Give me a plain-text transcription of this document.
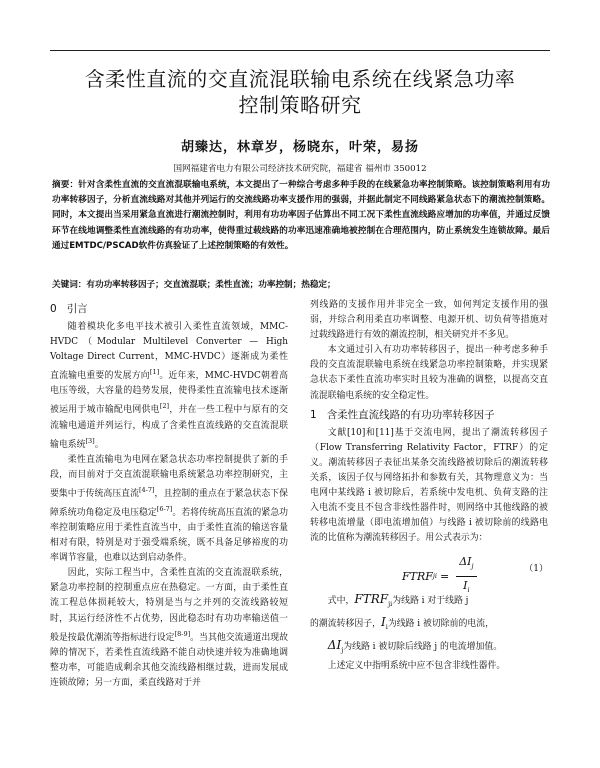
含柔性直流的交直流混联输电系统在线紧急功率
控制策略研究
胡臻达，林章岁，杨晓东，叶荣，易扬
国网福建省电力有限公司经济技术研究院，福建省 福州市 350012
摘要：针对含柔性直流的交直流混联输电系统，本文提出了一种综合考虑多种手段的在线紧急功率控制策略。该控制策略利用有功功率转移因子，分析直流线路对其他并列运行的交流线路功率支援作用的强弱，并据此制定不同线路紧急状态下的潮流控制策略。同时，本文提出当采用紧急直流进行潮流控制时，利用有功功率因子估算出不同工况下柔性直流线路应增加的功率值，并通过反馈环节在线地调整柔性直流线路的有功功率，使得重过载线路的功率迅速准确地被控制在合理范围内，防止系统发生连锁故障。最后通过EMTDC/PSCAD软件仿真验证了上述控制策略的有效性。
关键词：有功功率转移因子；交直流混联；柔性直流；功率控制；热稳定；

0 引言

随着模块化多电平技术被引入柔性直流领域，MMC-HVDC（Modular Multilevel Converter — High Voltage Direct Current，MMC-HVDC）逐渐成为柔性直流输电重要的发展方向[1]。近年来，MMC-HVDC朝着高电压等级，大容量的趋势发展，使得柔性直流输电技术逐渐被运用于城市输配电网供电[2]，并在一些工程中与原有的交流输电通道并列运行，构成了含柔性直流线路的交直流混联输电系统[3]。

柔性直流输电为电网在紧急状态功率控制提供了新的手段，而目前对于交直流混联输电系统紧急功率控制研究，主要集中于传统高压直流[4-7]，且控制的重点在于紧急状态下保障系统功角稳定及电压稳定[6-7]。若将传统高压直流的紧急功率控制策略应用于柔性直流当中，由于柔性直流的输送容量相对有限，特别是对于强受端系统，既不具备足够裕度的功率调节容量，也难以达到启动条件。

因此，实际工程当中，含柔性直流的交直流混联系统，紧急功率控制的控制重点应在热稳定。一方面，由于柔性直流工程总体损耗较大，特别是当与之并列的交流线路较短时，其运行经济性不占优势，因此稳态时有功功率输送值一般是按最优潮流等指标进行设定[8-9]。当其他交流通道出现故障的情况下，若柔性直流线路不能自动快速并较为准确地调整功率，可能造成剩余其他交流线路相继过载，进而发展成连锁故障；另一方面，柔直线路对于并

列线路的支援作用并非完全一致，如何判定支援作用的强弱，并综合利用柔直功率调整、电源开机、切负荷等措施对过载线路进行有效的潮流控制，相关研究并不多见。

本文通过引入有功功率转移因子，提出一种考虑多种手段的交直流混联输电系统在线紧急功率控制策略，并实现紧急状态下柔性直流功率实时且较为准确的调整，以提高交直流混联输电系统的安全稳定性。

1 含柔性直流线路的有功功率转移因子

文献[10]和[11]基于交流电网，提出了潮流转移因子（Flow Transferring Relativity Factor，FTRF）的定义。潮流转移因子表征出某条交流线路被切除后的潮流转移关系，该因子仅与网络拓扑和参数有关，其物理意义为：当电网中某线路 i 被切除后，若系统中发电机、负荷支路的注入电流不变且不包含非线性器件时，则网络中其他线路的被转移电流增量（即电流增加值）与线路 i 被切除前的线路电流的比值称为潮流转移因子。用公式表示为：

FTRF ji = $\frac{\Delta I_j}{I_i}$	（1）
式中，$FTRF_{ji}$为线路 i 对于线路 j
的潮流转移因子，$I_i$为线路 i 被切除前的电流，
$\Delta I_j$为线路 i 被切除后线路 j 的电流增加值。

上述定义中指明系统中应不包含非线性器件。
